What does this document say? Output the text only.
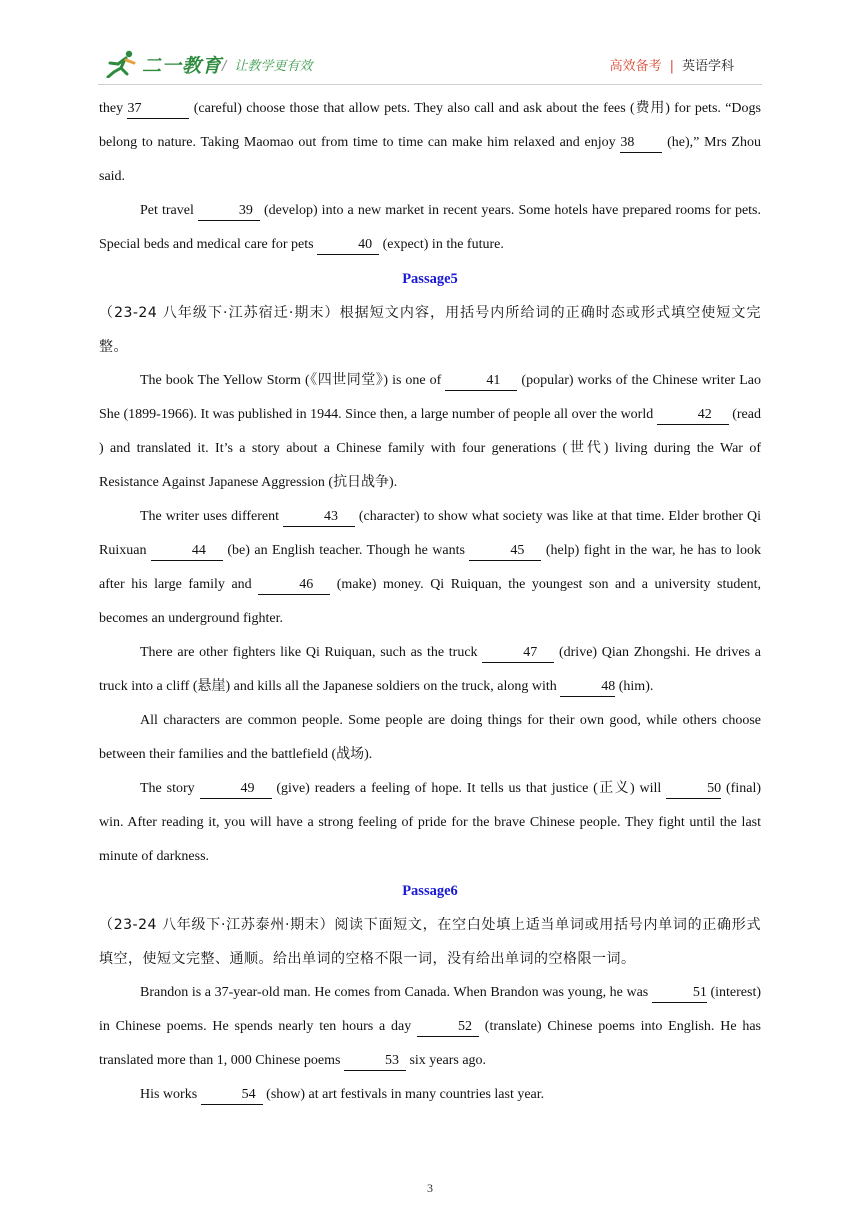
二一教育 / 让教学更有效	高效备考 | 英语学科

they 37	(careful) choose those that allow pets. They also call and ask about the fees (费用) for pets. “Dogs belong to nature. Taking Maomao out from time to time can make him relaxed and enjoy 38 (he),” Mrs Zhou said.

Pet travel	39 (develop) into a new market in recent years. Some hotels have prepared rooms for pets. Special beds and medical care for pets	40 (expect) in the future.

Passage5

（23-24 八年级下·江苏宿迁·期末）根据短文内容，用括号内所给词的正确时态或形式填空使短文完整。

The book The Yellow Storm (《四世同堂》) is one of	41 (popular) works of the Chinese writer Lao She (1899-1966). It was published in 1944. Since then, a large number of people all over the world	42 (read ) and translated it. It’s a story about a Chinese family with four generations (世代) living during the War of Resistance Against Japanese Aggression (抗日战争).

The writer uses different	43 (character) to show what society was like at that time. Elder brother Qi Ruixuan	44 (be) an English teacher. Though he wants	45 (help) fight in the war, he has to look after his large family and	46 (make) money. Qi Ruiquan, the youngest son and a university student, becomes an underground fighter.

There are other fighters like Qi Ruiquan, such as the truck	47 (drive) Qian Zhongshi. He drives a truck into a cliff (悬崖) and kills all the Japanese soldiers on the truck, along with	48 (him).

All characters are common people. Some people are doing things for their own good, while others choose between their families and the battlefield (战场).

The story	49 (give) readers a feeling of hope. It tells us that justice (正义) will	50 (final) win. After reading it, you will have a strong feeling of pride for the brave Chinese people. They fight until the last minute of darkness.

Passage6

（23-24 八年级下·江苏泰州·期末）阅读下面短文，在空白处填上适当单词或用括号内单词的正确形式填空，使短文完整、通顺。给出单词的空格不限一词，没有给出单词的空格限一词。

Brandon is a 37-year-old man. He comes from Canada. When Brandon was young, he was	51 (interest) in Chinese poems. He spends nearly ten hours a day	52 (translate) Chinese poems into English. He has translated more than 1, 000 Chinese poems	53 six years ago.

His works	54 (show) at art festivals in many countries last year.

3
